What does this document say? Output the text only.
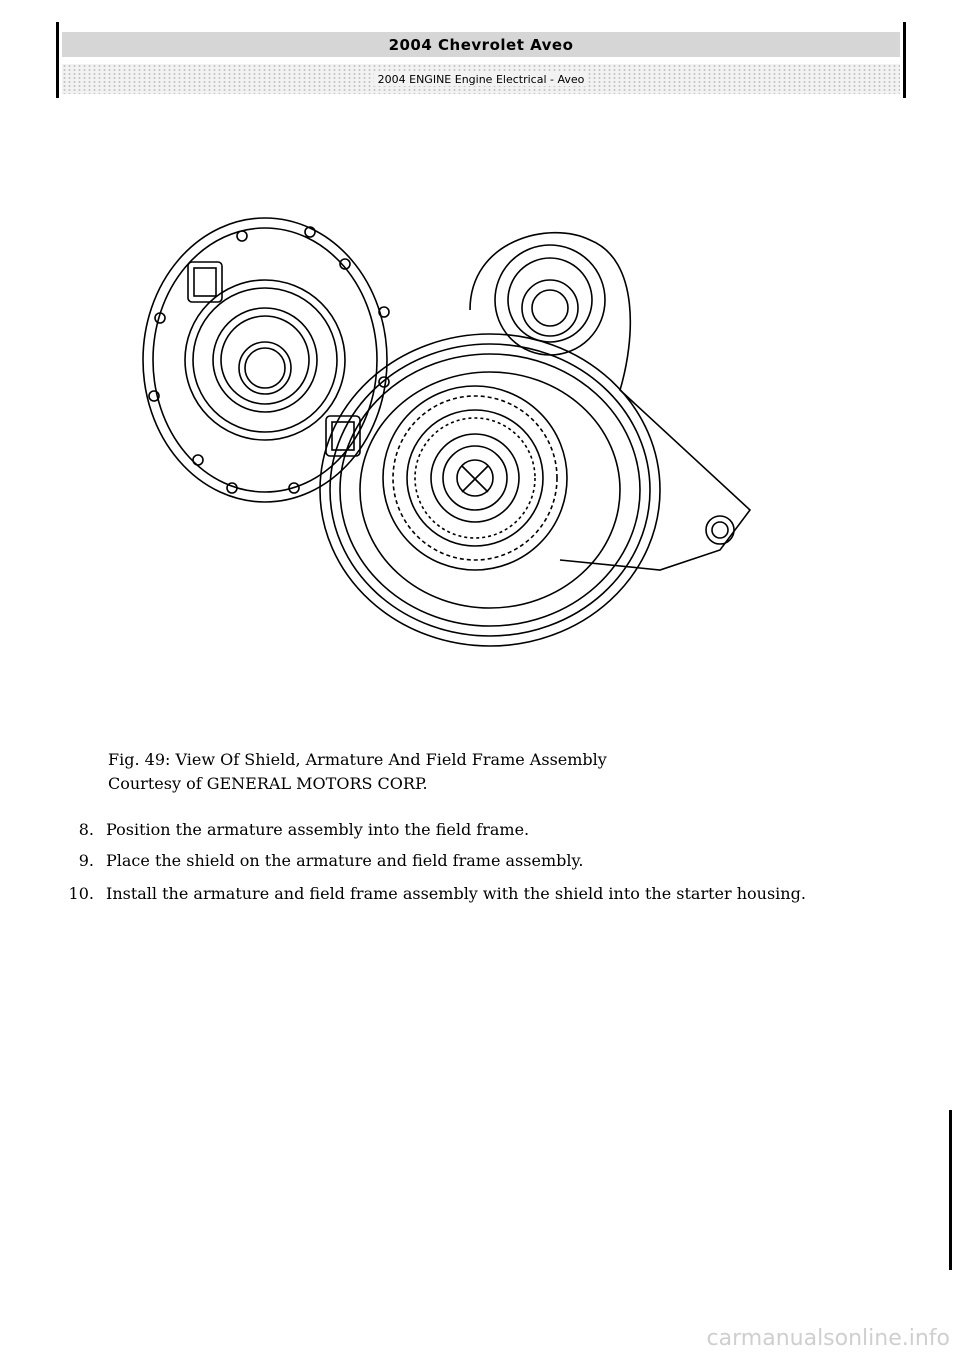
2004 Chevrolet Aveo
2004 ENGINE Engine Electrical - Aveo
Fig. 49: View Of Shield, Armature And Field Frame Assembly
Courtesy of GENERAL MOTORS CORP.
8. Position the armature assembly into the field frame.
9. Place the shield on the armature and field frame assembly.
10. Install the armature and field frame assembly with the shield into the starter housing.
carmanualsonline.info
